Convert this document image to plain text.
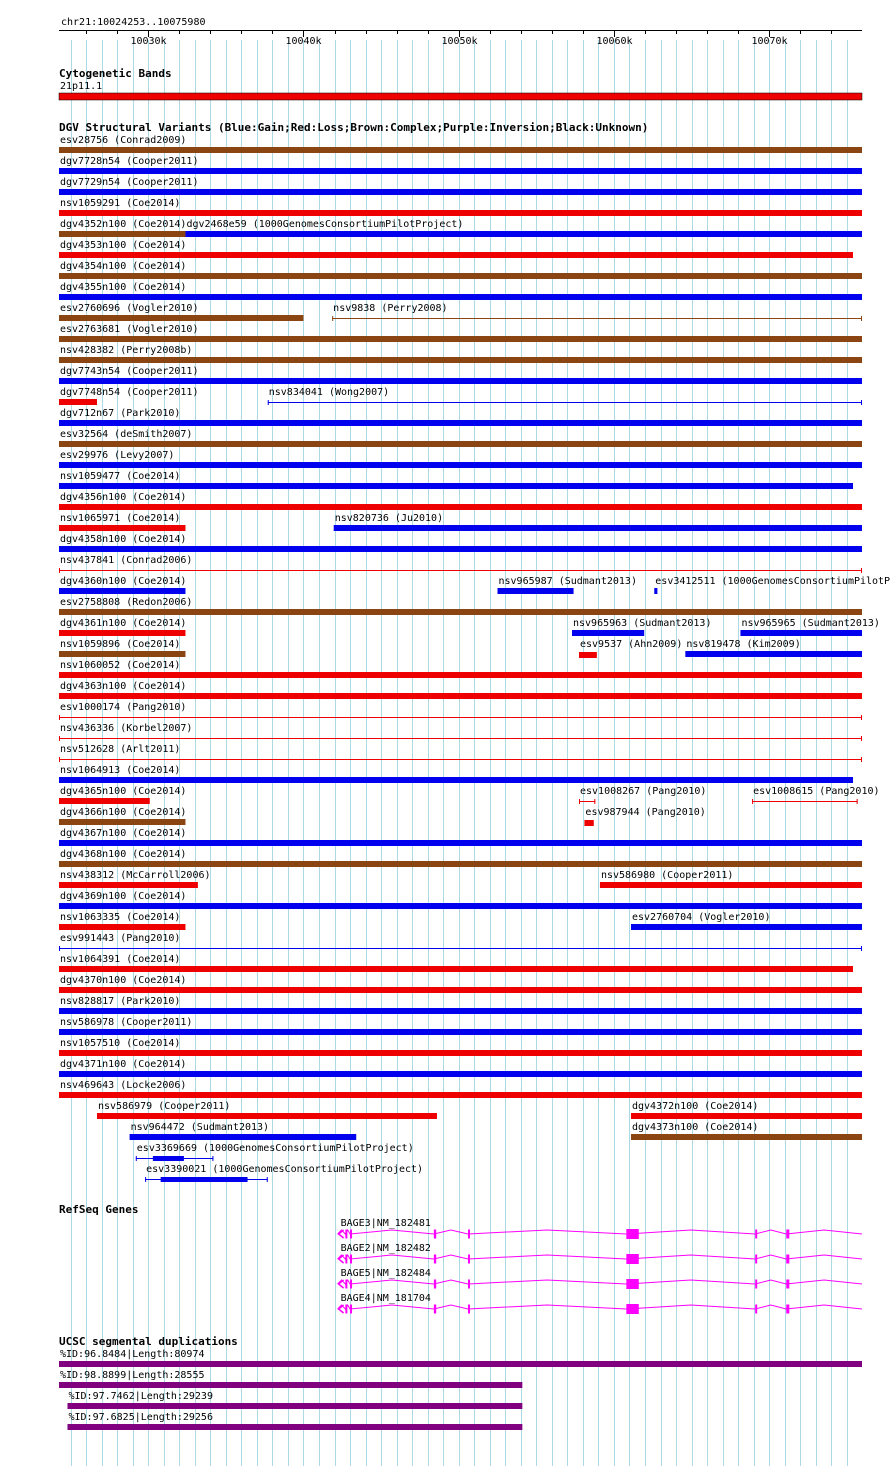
chr21:10024253..10075980
10030k	10040k	10050k	10060k	10070k
Cytogenetic Bands
21p11.1
DGV Structural Variants (Blue:Gain;Red:Loss;Brown:Complex;Purple:Inversion;Black:Unknown)
esv28756 (Conrad2009)
dgv7728n54 (Cooper2011)
dgv7729n54 (Cooper2011)
nsv1059291 (Coe2014)
dgv4352n100 (Coe2014) dgv2468e59 (1000GenomesConsortiumPilotProject)
dgv4353n100 (Coe2014)
dgv4354n100 (Coe2014)
dgv4355n100 (Coe2014)
esv2760696 (Vogler2010)	nsv9838 (Perry2008)
esv2763681 (Vogler2010)
nsv428382 (Perry2008b)
dgv7743n54 (Cooper2011)
dgv7748n54 (Cooper2011)	nsv834041 (Wong2007)
dgv712n67 (Park2010)
esv32564 (deSmith2007)
esv29976 (Levy2007)
nsv1059477 (Coe2014)
dgv4356n100 (Coe2014)
nsv1065971 (Coe2014)	nsv820736 (Ju2010)
dgv4358n100 (Coe2014)
nsv437841 (Conrad2006)
dgv4360n100 (Coe2014)	nsv965987 (Sudmant2013) esv3412511 (1000GenomesConsortiumPilotP
esv2758808 (Redon2006)
dgv4361n100 (Coe2014)	nsv965963 (Sudmant2013)	nsv965965 (Sudmant2013)
nsv1059896 (Coe2014)	esv9537 (Ahn2009) nsv819478 (Kim2009)
nsv1060052 (Coe2014)
dgv4363n100 (Coe2014)
esv1000174 (Pang2010)
nsv436336 (Korbel2007)
nsv512628 (Arlt2011)
nsv1064913 (Coe2014)
dgv4365n100 (Coe2014)	esv1008267 (Pang2010)	esv1008615 (Pang2010)
dgv4366n100 (Coe2014)	esv987944 (Pang2010)
dgv4367n100 (Coe2014)
dgv4368n100 (Coe2014)
nsv438312 (McCarroll2006)	nsv586980 (Cooper2011)
dgv4369n100 (Coe2014)
nsv1063335 (Coe2014)	esv2760704 (Vogler2010)
esv991443 (Pang2010)
nsv1064391 (Coe2014)
dgv4370n100 (Coe2014)
nsv828817 (Park2010)
nsv586978 (Cooper2011)
nsv1057510 (Coe2014)
dgv4371n100 (Coe2014)
nsv469643 (Locke2006)
nsv586979 (Cooper2011)	dgv4372n100 (Coe2014)
nsv964472 (Sudmant2013)	dgv4373n100 (Coe2014)
esv3369669 (1000GenomesConsortiumPilotProject)
esv3390021 (1000GenomesConsortiumPilotProject)
RefSeq Genes
BAGE3|NM_182481
BAGE2|NM_182482
BAGE5|NM_182484
BAGE4|NM_181704
UCSC segmental duplications
%ID:96.8484|Length:80974
%ID:98.8899|Length:28555
%ID:97.7462|Length:29239
%ID:97.6825|Length:29256
